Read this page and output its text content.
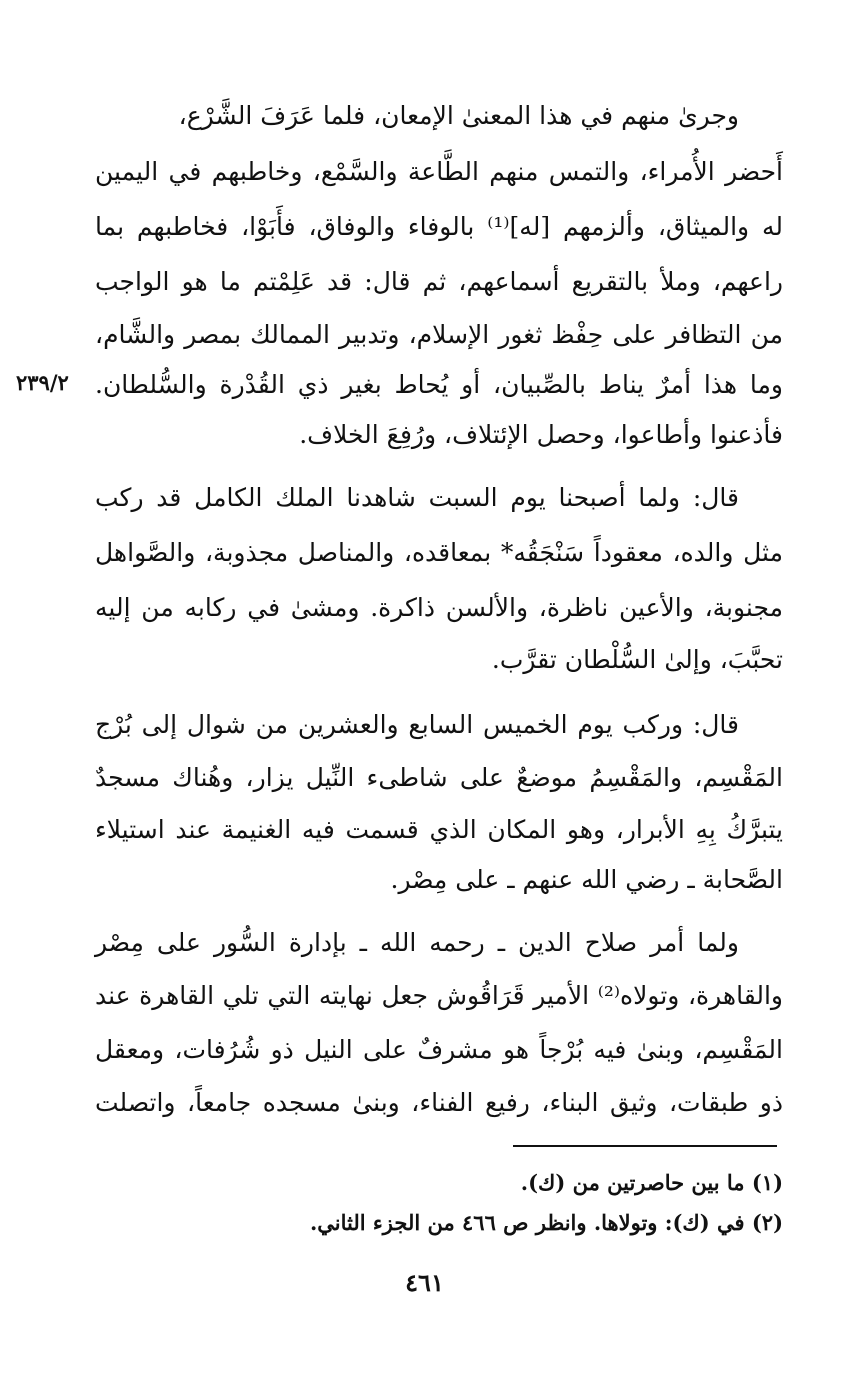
وجرىٰ منهم في هذا المعنىٰ الإمعان، فلما عَرَفَ الشَّرْع،
أَحضر الأُمراء، والتمس منهم الطَّاعة والسَّمْع، وخاطبهم في اليمين
له والميثاق، وألزمهم [له]⁽¹⁾ بالوفاء والوفاق، فأَبَوْا، فخاطبهم بما
راعهم، وملأ بالتقريع أسماعهم، ثم قال: قد عَلِمْتم ما هو الواجب
من التظافر على حِفْظ ثغور الإسلام، وتدبير الممالك بمصر والشَّام،
وما هذا أمرٌ يناط بالصِّبيان، أو يُحاط بغير ذي القُدْرة والسُّلطان.
فأذعنوا وأطاعوا، وحصل الإئتلاف، ورُفِعَ الخلاف.
٢٣٩/٢
قال: ولما أصبحنا يوم السبت شاهدنا الملك الكامل قد ركب
مثل والده، معقوداً سَنْجَقُه* بمعاقده، والمناصل مجذوبة، والصَّواهل
مجنوبة، والأعين ناظرة، والألسن ذاكرة. ومشىٰ في ركابه من إليه
تحبَّبَ، وإلىٰ السُّلْطان تقرَّب.
قال: وركب يوم الخميس السابع والعشرين من شوال إلى بُرْج
المَقْسِم، والمَقْسِمُ موضعٌ على شاطىء النِّيل يزار، وهُناك مسجدٌ
يتبرَّكُ بِهِ الأبرار، وهو المكان الذي قسمت فيه الغنيمة عند استيلاء
الصَّحابة ـ رضي الله عنهم ـ على مِصْر.
ولما أمر صلاح الدين ـ رحمه الله ـ بإدارة السُّور على مِصْر
والقاهرة، وتولاه⁽²⁾ الأمير قَرَاقُوش جعل نهايته التي تلي القاهرة عند
المَقْسِم، وبنىٰ فيه بُرْجاً هو مشرفٌ على النيل ذو شُرُفات، ومعقل
ذو طبقات، وثيق البناء، رفيع الفناء، وبنىٰ مسجده جامعاً، واتصلت
(١) ما بين حاصرتين من (ك).
(٢) في (ك): وتولاها. وانظر ص ٤٦٦ من الجزء الثاني.
٤٦١
